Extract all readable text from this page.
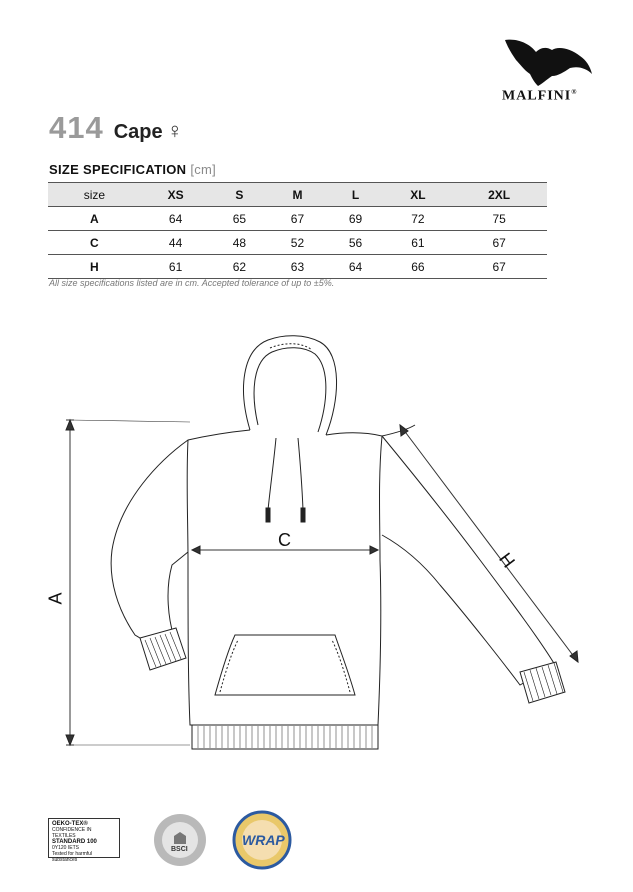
MALFINI®
414 Cape ♀
SIZE SPECIFICATION [cm]
size	XS	S	M	L	XL	2XL
A	64	65	67	69	72	75
C	44	48	52	56	61	67
H	61	62	63	64	66	67
All size specifications listed are in cm. Accepted tolerance of up to ±5%.
A
C
H
OEKO-TEX®
CONFIDENCE IN TEXTILES
STANDARD 100
0Y120 IETS
Tested for harmful substances
BSCI
WRAP
